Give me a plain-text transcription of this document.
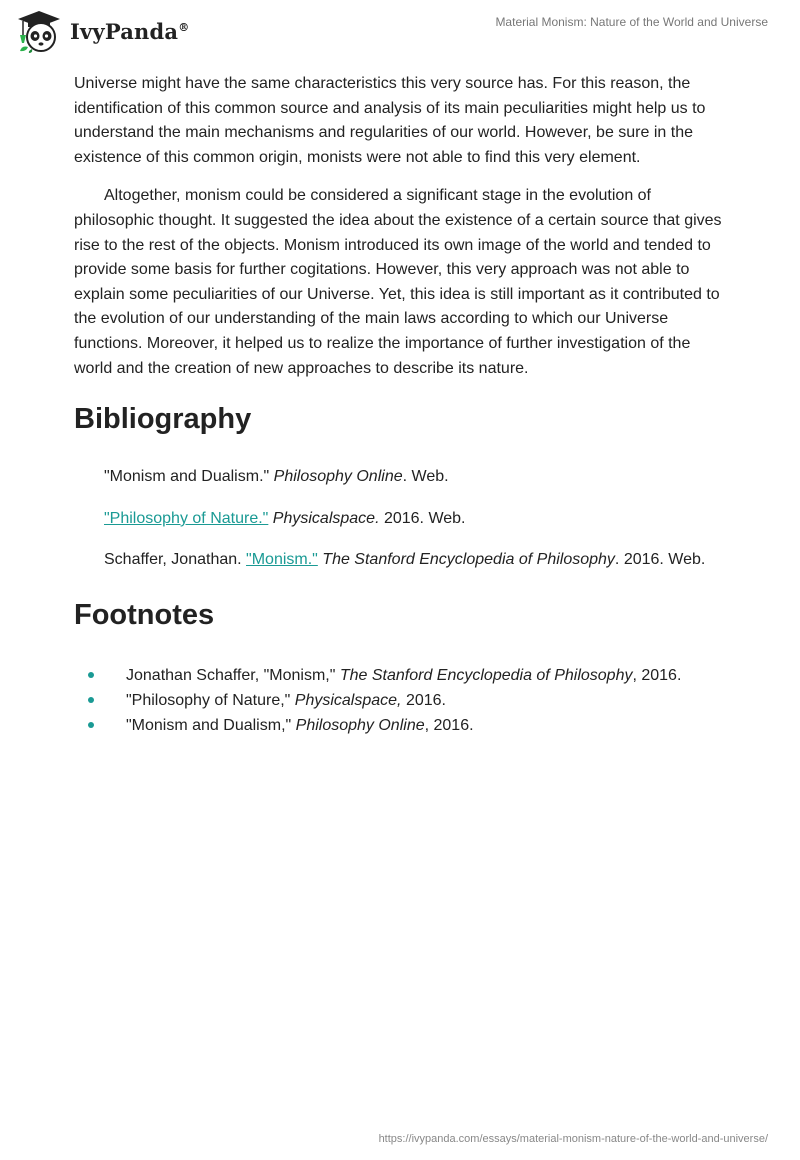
IvyPanda®	Material Monism: Nature of the World and Universe

Universe might have the same characteristics this very source has. For this reason, the identification of this common source and analysis of its main peculiarities might help us to understand the main mechanisms and regularities of our world. However, be sure in the existence of this common origin, monists were not able to find this very element.

Altogether, monism could be considered a significant stage in the evolution of philosophic thought. It suggested the idea about the existence of a certain source that gives rise to the rest of the objects. Monism introduced its own image of the world and tended to provide some basis for further cogitations. However, this very approach was not able to explain some peculiarities of our Universe. Yet, this idea is still important as it contributed to the evolution of our understanding of the main laws according to which our Universe functions. Moreover, it helped us to realize the importance of further investigation of the world and the creation of new approaches to describe its nature.

Bibliography

"Monism and Dualism." Philosophy Online. Web.

"Philosophy of Nature." Physicalspace. 2016. Web.

Schaffer, Jonathan. "Monism." The Stanford Encyclopedia of Philosophy. 2016. Web.

Footnotes
Jonathan Schaffer, "Monism," The Stanford Encyclopedia of Philosophy, 2016.
"Philosophy of Nature," Physicalspace, 2016.
"Monism and Dualism," Philosophy Online, 2016.
https://ivypanda.com/essays/material-monism-nature-of-the-world-and-universe/
